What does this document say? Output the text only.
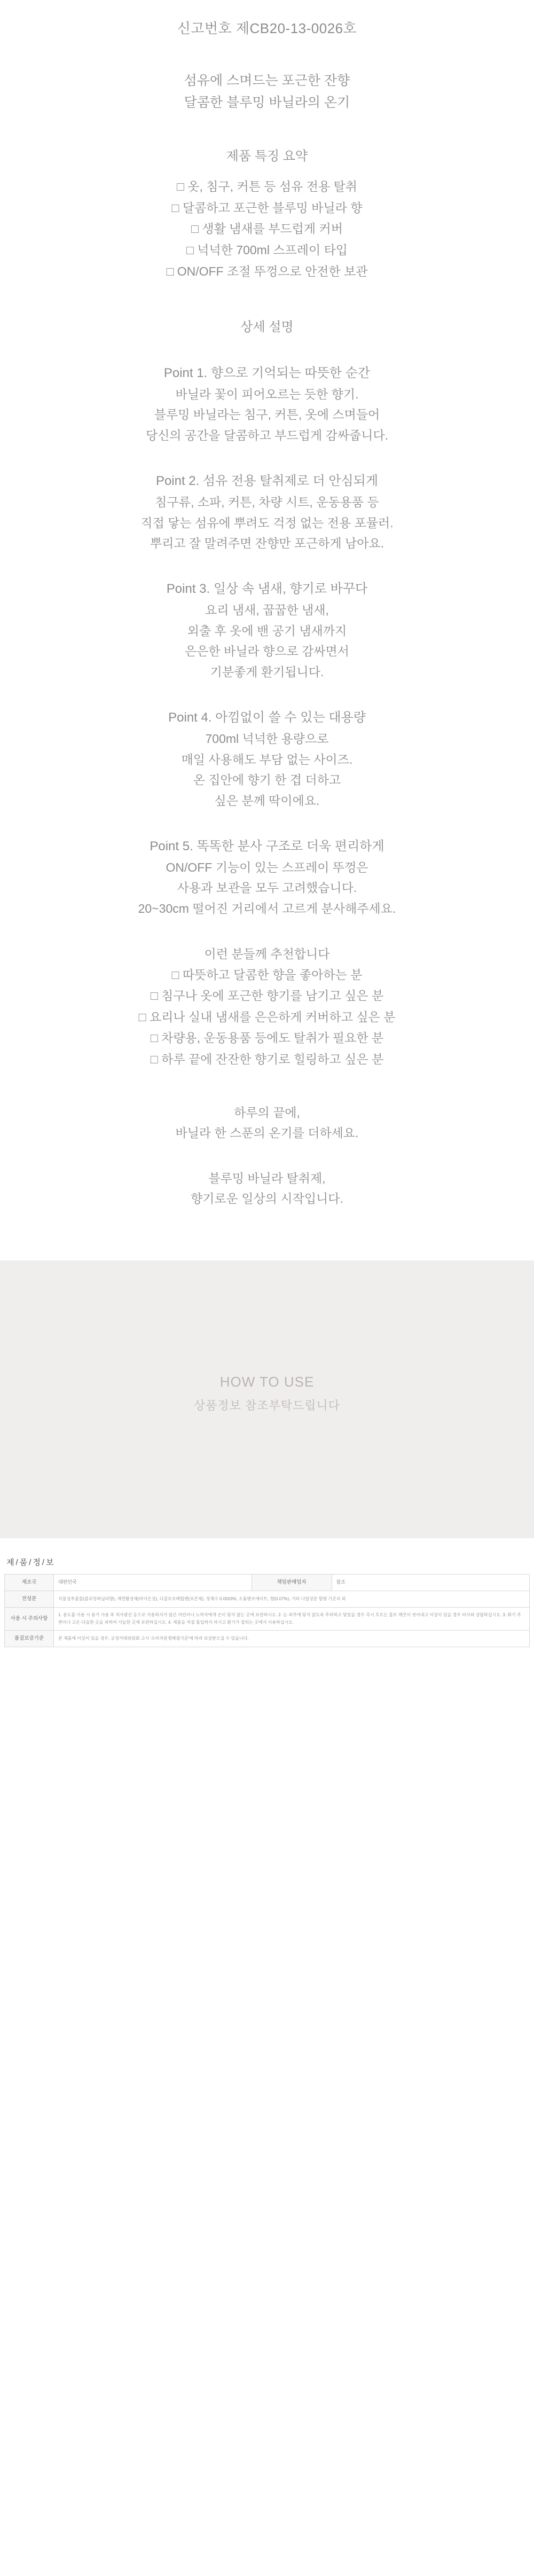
신고번호 제CB20-13-0026호
섬유에 스며드는 포근한 잔향
달콤한 블루밍 바닐라의 온기
제품 특징 요약
□ 옷, 침구, 커튼 등 섬유 전용 탈취
□ 달콤하고 포근한 블루밍 바닐라 향
□ 생활 냄새를 부드럽게 커버
□ 넉넉한 700ml 스프레이 타입
□ ON/OFF 조절 뚜껑으로 안전한 보관
상세 설명
Point 1. 향으로 기억되는 따뜻한 순간
바닐라 꽃이 피어오르는 듯한 향기.
블루밍 바닐라는 침구, 커튼, 옷에 스며들어
당신의 공간을 달콤하고 부드럽게 감싸줍니다.
Point 2. 섬유 전용 탈취제로 더 안심되게
침구류, 소파, 커튼, 차량 시트, 운동용품 등
직접 닿는 섬유에 뿌려도 걱정 없는 전용 포뮬러.
뿌리고 잘 말려주면 잔향만 포근하게 남아요.
Point 3. 일상 속 냄새, 향기로 바꾸다
요리 냄새, 꿉꿉한 냄새,
외출 후 옷에 밴 공기 냄새까지
은은한 바닐라 향으로 감싸면서
기분좋게 환기됩니다.
Point 4. 아낌없이 쓸 수 있는 대용량
700ml 넉넉한 용량으로
매일 사용해도 부담 없는 사이즈.
온 집안에 향기 한 겹 더하고
싶은 분께 딱이에요.
Point 5. 똑똑한 분사 구조로 더욱 편리하게
ON/OFF 기능이 있는 스프레이 뚜껑은
사용과 보관을 모두 고려했습니다.
20~30cm 떨어진 거리에서 고르게 분사해주세요.
이런 분들께 추천합니다
□ 따뜻하고 달콤한 향을 좋아하는 분
□ 침구나 옷에 포근한 향기를 남기고 싶은 분
□ 요리나 실내 냄새를 은은하게 커버하고 싶은 분
□ 차량용, 운동용품 등에도 탈취가 필요한 분
□ 하루 끝에 잔잔한 향기로 힐링하고 싶은 분
하루의 끝에,
바닐라 한 스푼의 온기를 더하세요.
블루밍 바닐라 탈취제,
향기로운 일상의 시작입니다.
HOW TO USE
상품정보 참조부탁드립니다
제/품/정/보
제조국	대한민국	책임판매업자	참조
전성분	식물성추출물(블루밍바닐라향), 계면활성제(비이온성), 디클로로메틸렌(보존제), 정제수 0.0003%, 소듐벤조에이트, 향(0.07%), 기타 나열성분 함량 기준치 외		
사용 시 주의사항	1. 용도를 사용 시 용기 사용 후 직사광선 등으로 사용하지가 않은 어린이나 노약자에게 손이 닿지 않는 곳에 보관하시오. 2. 눈·피부에 닿지 않도록 주의하고 닿았을 경우 즉시 흐르는 물로 깨끗이 씻어내고 이상이 있을 경우 의사와 상담하십시오. 3. 화기 주변이나 고온·다습한 곳을 피하여 서늘한 곳에 보관하십시오. 4. 제품을 직접 흡입하지 마시고 환기가 잘되는 곳에서 사용하십시오.		
품질보증기준	본 제품에 이상이 있을 경우, 공정거래위원회 고시 '소비자분쟁해결기준'에 따라 보상받으실 수 있습니다.		
